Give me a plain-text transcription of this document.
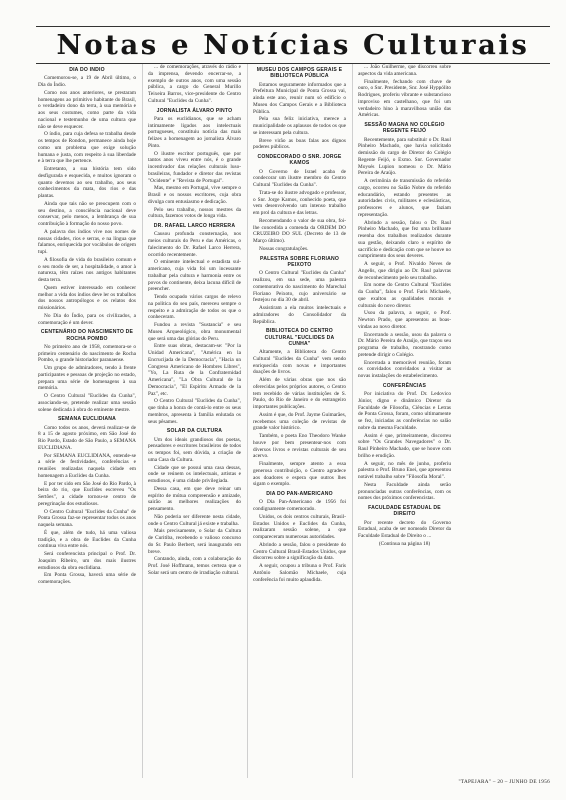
Notas e Notícias Culturais
DIA DO INDIO

Comemorou-se, a 19 de Abril último, o Dia do Índio.

Como nos anos anteriores, se prestaram homenagens ao primitivo habitante do Brasil, o verdadeiro dono da terra, à sua memória e aos seus costumes, como parte da vida nacional e testemunho de uma cultura que não se deve esquecer.

O índio, para cuja defesa se trabalha desde os tempos de Rondon, permanece ainda hoje como um problema que exige solução humana e justa, com respeito à sua liberdade e à terra que lhe pertence.

Entretanto, a sua história tem sido desfigurada e esquecida, e muitos ignoram o quanto devemos ao seu trabalho, aos seus conhecimentos da mata, dos rios e das plantas.

Ainda que tais não se preocupem com o seu destino, a consciência nacional deve conservar, pelo menos, a lembrança de sua contribuição à formação do nosso povo.

A palavra dos índios vive nos nomes de nossas cidades, rios e serras, e na língua que falamos, enriquecida por vocábulos de origem tupi.

A filosofia de vida do brasileiro comum e o seu modo de ser, a hospitalidade, o amor à natureza, têm raízes nos antigos habitantes desta terra.

Quem estiver interessado em conhecer melhor a vida dos índios deve ler os trabalhos dos nossos antropólogos e os relatos dos missionários.

No Dia do Índio, para os civilizados, a comemoração é um dever.

CENTENÁRIO DO NASCIMENTO DE ROCHA POMBO

No primeiro ano de 1958, comemora-se o primeiro centenário do nascimento de Rocha Pombo, o grande historiador paranaense.

Um grupo de admiradores, tendo à frente participantes e pessoas de projeção no estado, prepara uma série de homenagens à sua memória.

O Centro Cultural "Euclides da Cunha", associando-se, pretende realizar uma sessão solene dedicada à obra do eminente mestre.

SEMANA EUCLIDIANA

Como todos os anos, deverá realizar-se de 8 a 15 de agosto próximo, em São José do Rio Pardo, Estado de São Paulo, a SEMANA EUCLIDIANA.

Por SEMANA EUCLIDIANA, entende-se a série de festividades, conferências e reuniões realizadas naquela cidade em homenagem a Euclides da Cunha.

E por ter sido em São José do Rio Pardo, à beira do rio, que Euclides escreveu "Os Sertões", a cidade tornou-se centro de peregrinação dos estudiosos.

O Centro Cultural "Euclides da Cunha" de Ponta Grossa faz-se representar todos os anos naquela semana.

É que, além de tudo, há uma valiosa tradição, e a obra de Euclides da Cunha continua viva entre nós.

Será conferencista principal o Prof. Dr. Joaquim Ribeiro, um dos mais ilustres estudiosos da obra euclidiana.

Em Ponta Grossa, haverá uma série de comemorações.

... de comemorações, através do rádio e da imprensa, devendo encerrar-se, a exemplo de outros anos, com uma sessão pública, a cargo do General Murillo Teixeira Barros, vice-presidente do Centro Cultural "Euclides da Cunha".

JORNALISTA ÁLVARO PINTO

Para os euclidianos, que se acham intimamente ligados aos intelectuais portugueses, constituiu notícia das mais felizes a homenagem ao jornalista Álvaro Pinto.

O ilustre escritor português, que por tantos anos viveu entre nós, é o grande incentivador das relações culturais luso-brasileiras, fundador e diretor das revistas "Ocidente" e "Revista de Portugal".

Mas, mesmo em Portugal, vive sempre o Brasil e os nossos escritores, cuja obra divulga com entusiasmo e dedicação.

Pelo seu trabalho, nossos mestres da cultura, fazemos votos de longa vida.

DR. RAFAEL LARCO HERRERA

Causou profunda consternação, nos meios culturais do Peru e das Américas, o falecimento do Dr. Rafael Larco Herrera, ocorrido recentemente.

O eminente intelectual e estadista sul-americano, cuja vida foi um incessante trabalhar pela cultura e harmonia entre os povos do continente, deixa lacuna difícil de preencher.

Tendo ocupado vários cargos de relevo na política do seu país, mereceu sempre o respeito e a admiração de todos os que o conheceram.

Fundou a revista "Sustancia" e seu Museu Arqueológico, obra monumental que será uma das glórias do Peru.

Entre suas obras, destacam-se: "Por la Unidad Americana", "América en la Encrucijada de la Democracia", "Hacia un Congreso Americano de Hombres Libres", "Yo, La Ruta de la Confraternidad Americana", "La Obra Cultural de la Democracia", "El Espíritu Armado de la Paz", etc.

O Centro Cultural "Euclides da Cunha", que tinha a honra de contá-lo entre os seus membros, apresenta à família enlutada os seus pêsames.

SOLAR DA CULTURA

Um dos ideais grandiosos dos poetas, pensadores e escritores brasileiros de todos os tempos foi, sem dúvida, a criação de uma Casa da Cultura.

Cidade que se possui uma casa dessas, onde se reúnem os intelectuais, artistas e estudiosos, é uma cidade privilegiada.

Dessa casa, em que deve reinar um espírito de mútua compreensão e amizade, sairão as melhores realizações do pensamento.

Não poderia ser diferente nesta cidade, onde o Centro Cultural já existe e trabalha.

Mais precisamente, o Solar da Cultura de Curitiba, recebendo o valioso concurso do Sr. Paulo Berbert, será inaugurado em breve.

Contando, ainda, com a colaboração do Prof. José Hoffmann, temos certeza que o Solar será um centro de irradiação cultural.

MUSEU DOS CAMPOS GERAIS E BIBLIOTECA PÚBLICA

Estamos seguramente informados que a Prefeitura Municipal de Ponta Grossa vai, ainda este ano, reunir num só edifício o Museu dos Campos Gerais e a Biblioteca Pública.

Pela sua feliz iniciativa, merece a municipalidade os aplausos de todos os que se interessam pela cultura.

Breve virão as boas falas aos dignos poderes públicos.

CONDECORADO O SNR. JORGE KAMOS

O Governo de Israel acaba de condecorar um ilustre membro do Centro Cultural "Euclides da Cunha".

Trata-se do ilustre advogado e professor, o Snr. Jorge Kamos, conhecido poeta, que vem desenvolvendo um intenso trabalho em prol da cultura e das letras.

Recomendando o valor de sua obra, foi-lhe concedida a comenda da ORDEM DO CRUZEIRO DO SUL (Decreto de 13 de Março último).

Nossas congratulações.

PALESTRA SOBRE FLORIANO PEIXOTO

O Centro Cultural "Euclides da Cunha" realizou, em sua sede, uma palestra comemorativa do nascimento do Marechal Floriano Peixoto, cujo aniversário se festejou no dia 30 de abril.

Assistiram a ela muitos intelectuais e admiradores do Consolidador da República.

BIBLIOTECA DO CENTRO CULTURAL "EUCLIDES DA CUNHA"

Altamente, a Biblioteca do Centro Cultural "Euclides da Cunha" vem sendo enriquecida com novas e importantes doações de livros.

Além de várias obras que nos são oferecidas pelos próprios autores, o Centro tem recebido de várias instituições de S. Paulo, do Rio de Janeiro e do estrangeiro importantes publicações.

Assim é que, do Prof. Jayme Guimarães, recebemos uma coleção de revistas de grande valor histórico.

Também, o poeta Eno Theodoro Wanke houve por bem presentear-nos com diversos livros e revistas culturais de seu acervo.

Finalmente, sempre atento a essa generosa contribuição, o Centro agradece aos doadores e espera que outros lhes sigam o exemplo.

DIA DO PAN-AMERICANO

O Dia Pan-Americano de 1956 foi condignamente comemorado.

Unidos, os dois centros culturais, Brasil-Estados Unidos e Euclides da Cunha, realizaram sessão solene, a que compareceram numerosas autoridades.

Abrindo a sessão, falou o presidente do Centro Cultural Brasil-Estados Unidos, que discorreu sobre a significação da data.

A seguir, ocupou a tribuna o Prof. Faris Antônio Salomão Michaele, cuja conferência foi muito aplaudida.

... João Guilherme, que discorreu sobre aspectos da vida americana.

Finalmente, fechando com chave de ouro, o Snr. Presidente, Snr. José Hyppólito Rodrigues, proferiu vibrante e substancioso improviso em castelhano, que foi um verdadeiro hino à maravilhosa união das Américas.

SESSÃO MAGNA NO COLÉGIO REGENTE FEIJÓ

Recentemente, para substituir o Dr. Raul Pinheiro Machado, que havia solicitado demissão do cargo de Diretor do Colégio Regente Feijó, o Exmo. Snr. Governador Moysés Lupion nomeou o Dr. Mário Pereira de Araújo.

A cerimônia de transmissão do referido cargo, ocorreu no Salão Nobre do referido educandário, estando presentes as autoridades civis, militares e eclesiásticas, professores e alunos, que faziam representação.

Abrindo a sessão, falou o Dr. Raul Pinheiro Machado, que fez uma brilhante resenha dos trabalhos realizados durante sua gestão, deixando claro o espírito de sacrifício e dedicação com que se houve no cumprimento dos seus deveres.

A seguir, o Prof. Nivaldo Neves de Angelis, que dirigiu ao Dr. Raul palavras de reconhecimento pelo seu trabalho.

Em nome do Centro Cultural "Euclides da Cunha", falou o Prof. Faris Michaele, que exaltou as qualidades morais e culturais do novo diretor.

Usou da palavra, a seguir, o Prof. Newton Prado, que apresentou as boas-vindas ao novo diretor.

Encerrando a sessão, usou da palavra o Dr. Mário Pereira de Araújo, que traçou seu programa de trabalho, mostrando como pretende dirigir o Colégio.

Encerrada a memorável reunião, foram os convidados convidados a visitar as novas instalações do estabelecimento.

CONFERÊNCIAS

Por iniciativa do Prof. Dr. Ledovico Júnior, digno e dinâmico Diretor da Faculdade de Filosofia, Ciências e Letras de Ponta Grossa, foram, como ultimamente se fez, iniciadas as conferências no salão nobre da mesma Faculdade.

Assim é que, primeiramente, discorreu sobre "Os Grandes Navegadores" o Dr. Raul Pinheiro Machado, que se houve com brilho e erudição.

A seguir, no mês de junho, proferiu palestra o Prof. Bruno Enei, que apresentou notável trabalho sobre "Filosofia Moral".

Nesta Faculdade ainda serão pronunciadas outras conferências, com os nomes dos próximos conferencistas.

FACULDADE ESTADUAL DE DIREITO

Por recente decreto do Governo Estadual, acaba de ser nomeado Diretor da Faculdade Estadual de Direito o ...

(Continua na página 18)

"TAPEJARA" – 20 – JUNHO DE 1956
